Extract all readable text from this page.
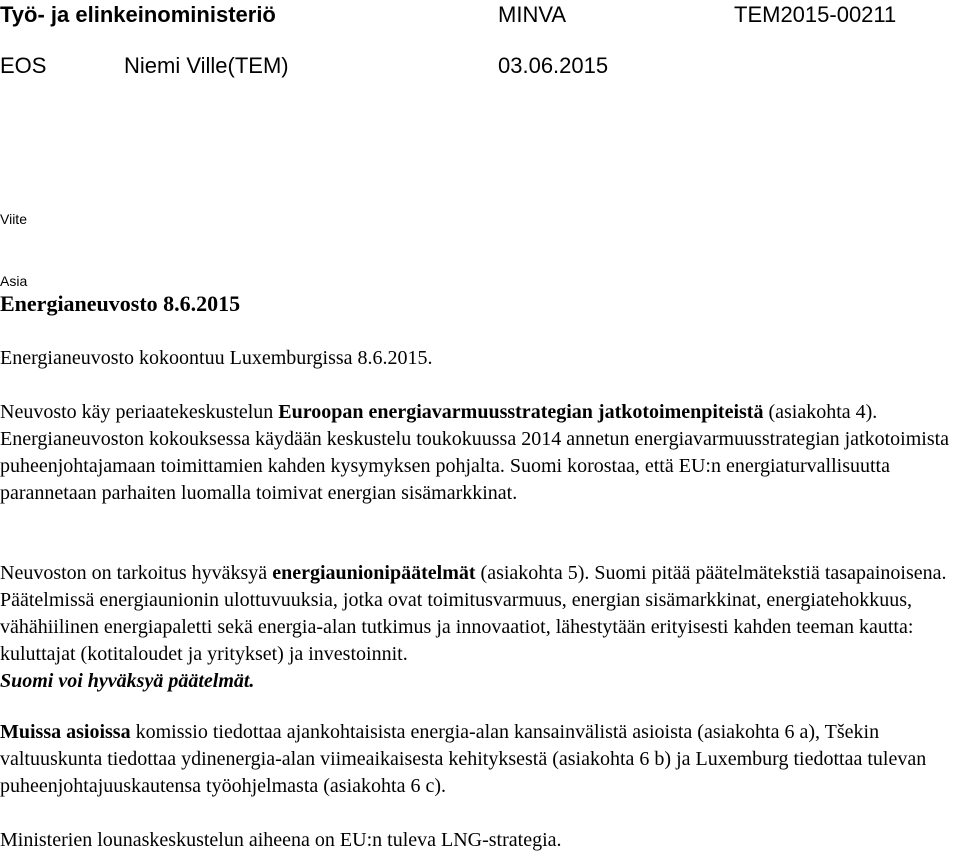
Työ- ja elinkeinoministeriö	MINVA	TEM2015-00211
EOS	Niemi Ville(TEM)	03.06.2015
Viite
Asia
Energianeuvosto 8.6.2015

Energianeuvosto kokoontuu Luxemburgissa 8.6.2015.

Neuvosto käy periaatekeskustelun Euroopan energiavarmuusstrategian jatkotoimenpiteistä (asiakohta 4). Energianeuvoston kokouksessa käydään keskustelu toukokuussa 2014 annetun energiavarmuusstrategian jatkotoimista puheenjohtajamaan toimittamien kahden kysymyksen pohjalta. Suomi korostaa, että EU:n energiaturvallisuutta parannetaan parhaiten luomalla toimivat energian sisämarkkinat.

Neuvoston on tarkoitus hyväksyä energiaunionipäätelmät (asiakohta 5). Suomi pitää päätelmätekstiä tasapainoisena. Päätelmissä energiaunionin ulottuvuuksia, jotka ovat toimitusvarmuus, energian sisämarkkinat, energiatehokkuus, vähähiilinen energiapaletti sekä energia-alan tutkimus ja innovaatiot, lähestytään erityisesti kahden teeman kautta: kuluttajat (kotitaloudet ja yritykset) ja investoinnit.

Suomi voi hyväksyä päätelmät.

Muissa asioissa komissio tiedottaa ajankohtaisista energia-alan kansainvälistä asioista (asiakohta 6 a), Tšekin valtuuskunta tiedottaa ydinenergia-alan viimeaikaisesta kehityksestä (asiakohta 6 b) ja Luxemburg tiedottaa tulevan puheenjohtajuuskautensa työohjelmasta (asiakohta 6 c).

Ministerien lounaskeskustelun aiheena on EU:n tuleva LNG-strategia.
